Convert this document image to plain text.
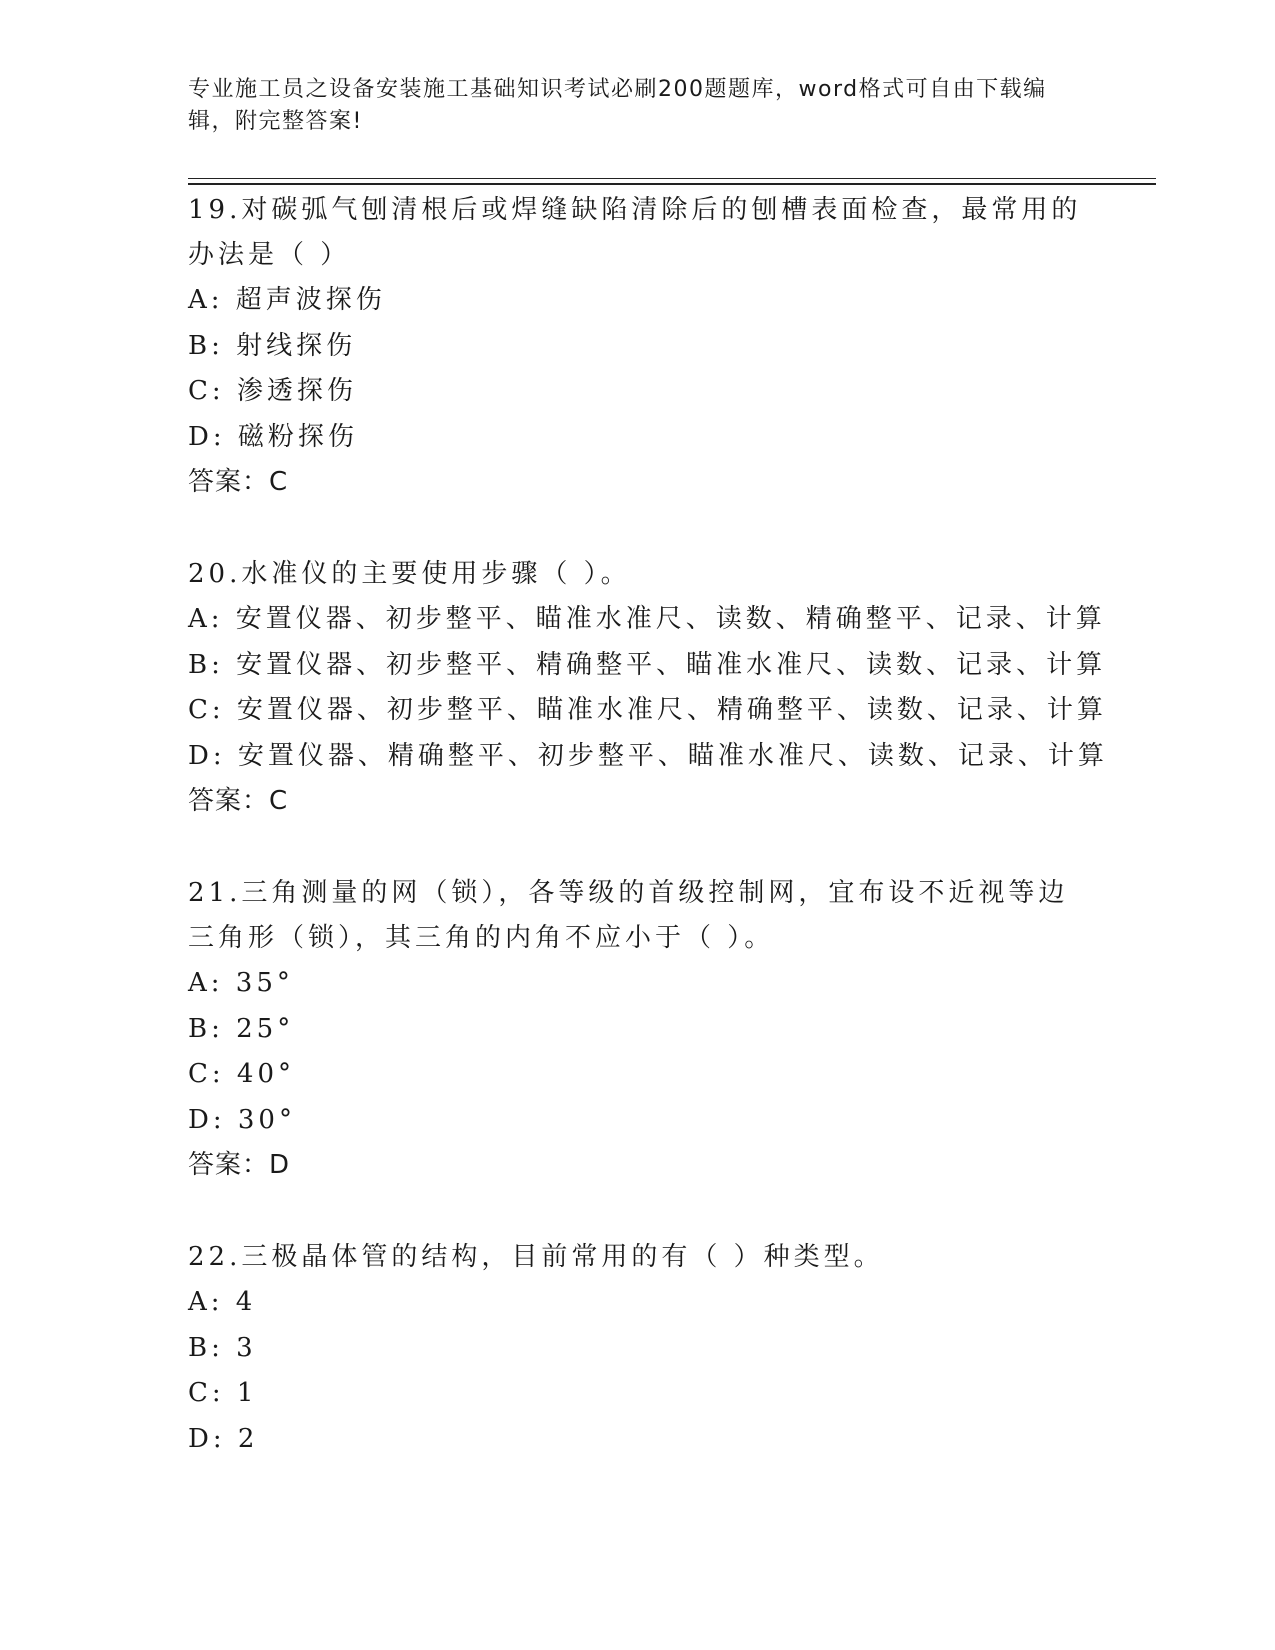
专业施工员之设备安装施工基础知识考试必刷200题题库，word格式可自由下载编辑，附完整答案!

19.对碳弧气刨清根后或焊缝缺陷清除后的刨槽表面检查，最常用的办法是（ ）

A: 超声波探伤

B: 射线探伤

C: 渗透探伤

D: 磁粉探伤

答案：C

20.水准仪的主要使用步骤（ ）。

A: 安置仪器、初步整平、瞄准水准尺、读数、精确整平、记录、计算

B: 安置仪器、初步整平、精确整平、瞄准水准尺、读数、记录、计算

C: 安置仪器、初步整平、瞄准水准尺、精确整平、读数、记录、计算

D: 安置仪器、精确整平、初步整平、瞄准水准尺、读数、记录、计算

答案：C

21.三角测量的网（锁），各等级的首级控制网，宜布设不近视等边三角形（锁），其三角的内角不应小于（ ）。

A: 35°

B: 25°

C: 40°

D: 30°

答案：D

22.三极晶体管的结构，目前常用的有（ ）种类型。

A: 4

B: 3

C: 1

D: 2
